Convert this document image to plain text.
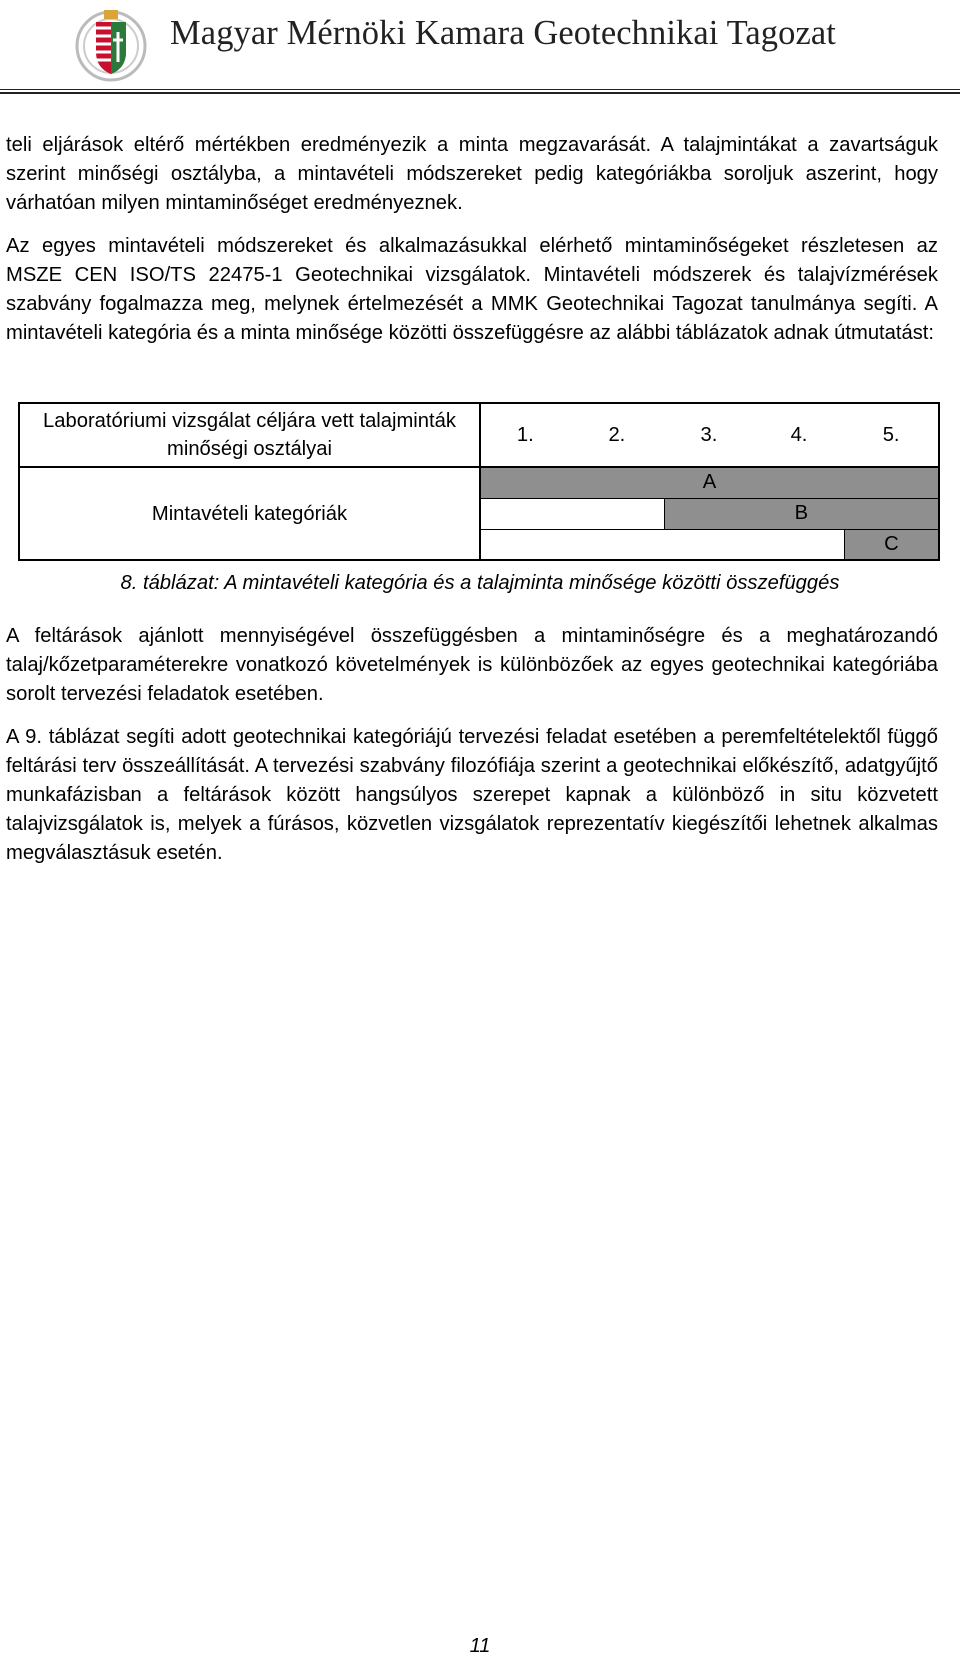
Magyar Mérnöki Kamara Geotechnikai Tagozat

teli eljárások eltérő mértékben eredményezik a minta megzavarását. A talajmintákat a zavartságuk szerint minőségi osztályba, a mintavételi módszereket pedig kategóriákba soroljuk aszerint, hogy várhatóan milyen mintaminőséget eredményeznek.

Az egyes mintavételi módszereket és alkalmazásukkal elérhető mintaminőségeket részletesen az MSZE CEN ISO/TS 22475-1 Geotechnikai vizsgálatok. Mintavételi módszerek és talajvízmérések szabvány fogalmazza meg, melynek értelmezését a MMK Geotechnikai Tagozat tanulmánya segíti. A mintavételi kategória és a minta minősége közötti összefüggésre az alábbi táblázatok adnak útmutatást:

Laboratóriumi vizsgálat céljára vett talajminták minőségi osztályai	1.	2.	3.	4.	5.
Mintavételi kategóriák	A				
			B		
					C

8. táblázat: A mintavételi kategória és a talajminta minősége közötti összefüggés

A feltárások ajánlott mennyiségével összefüggésben a mintaminőségre és a meghatározandó talaj/kőzetparaméterekre vonatkozó követelmények is különbözőek az egyes geotechnikai kategóriába sorolt tervezési feladatok esetében.

A 9. táblázat segíti adott geotechnikai kategóriájú tervezési feladat esetében a peremfeltételektől függő feltárási terv összeállítását. A tervezési szabvány filozófiája szerint a geotechnikai előkészítő, adatgyűjtő munkafázisban a feltárások között hangsúlyos szerepet kapnak a különböző in situ közvetett talajvizsgálatok is, melyek a fúrásos, közvetlen vizsgálatok reprezentatív kiegészítői lehetnek alkalmas megválasztásuk esetén.

11
